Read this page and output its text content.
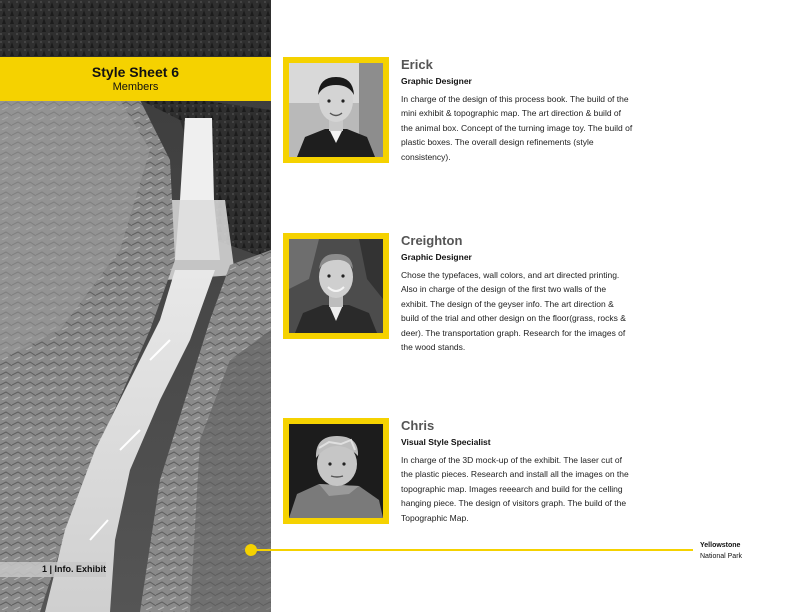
Style Sheet 6
Members
1 | Info. Exhibit
Erick
Graphic Designer
In charge of the design of this process book. The build of the mini exhibit & topographic map. The art direction & build of the animal box. Concept of the turning image toy. The build of plastic boxes. The overall design refinements (style consistency).
Creighton
Graphic Designer
Chose the typefaces, wall colors, and art directed printing. Also in charge of the design of the first two walls of the exhibit. The design of the geyser info. The art direction & build of the trial and other design on the floor(grass, rocks & deer). The transportation graph. Research for the images of the wood stands.
Chris
Visual Style Specialist
In charge of the 3D mock-up of the exhibit. The laser cut of the plastic pieces. Research and install all the images on the topographic map. Images reeearch and build for the celling hanging piece. The design of visitors graph. The build of the Topographic Map.
Yellowstone
National Park
